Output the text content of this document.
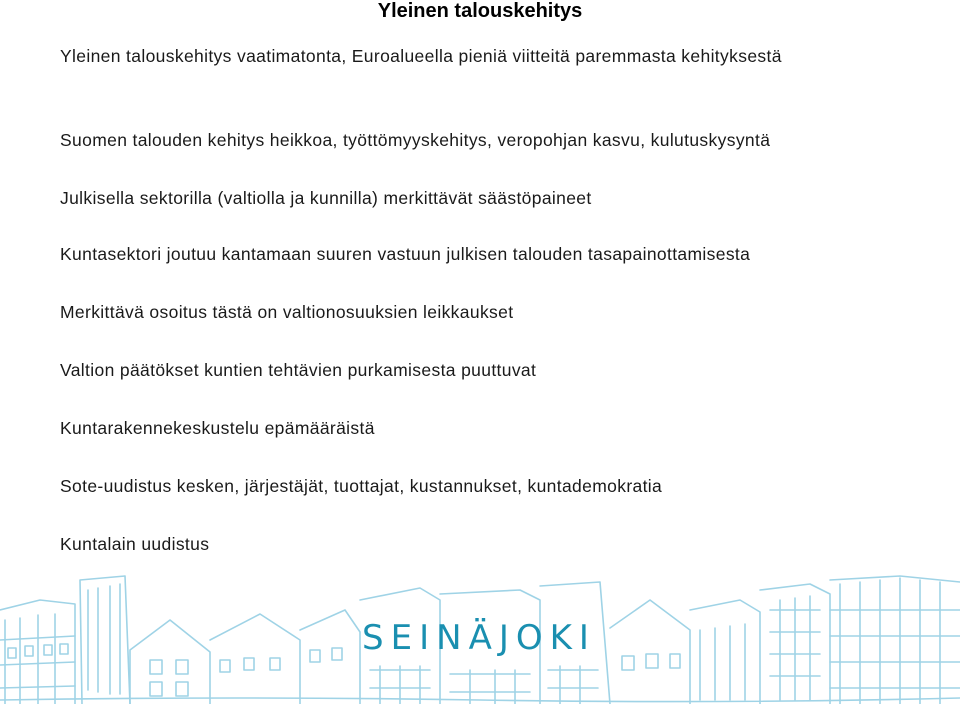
Yleinen talouskehitys
Yleinen talouskehitys vaatimatonta, Euroalueella pieniä viitteitä paremmasta kehityksestä
Suomen talouden kehitys heikkoa, työttömyyskehitys, veropohjan kasvu, kulutuskysyntä
Julkisella sektorilla (valtiolla ja kunnilla) merkittävät säästöpaineet
Kuntasektori joutuu kantamaan suuren vastuun julkisen talouden tasapainottamisesta
Merkittävä osoitus tästä on valtionosuuksien leikkaukset
Valtion päätökset kuntien tehtävien purkamisesta puuttuvat
Kuntarakennekeskustelu epämääräistä
Sote-uudistus kesken, järjestäjät, tuottajat, kustannukset, kuntademokratia
Kuntalain uudistus
SEINÄJOKI
